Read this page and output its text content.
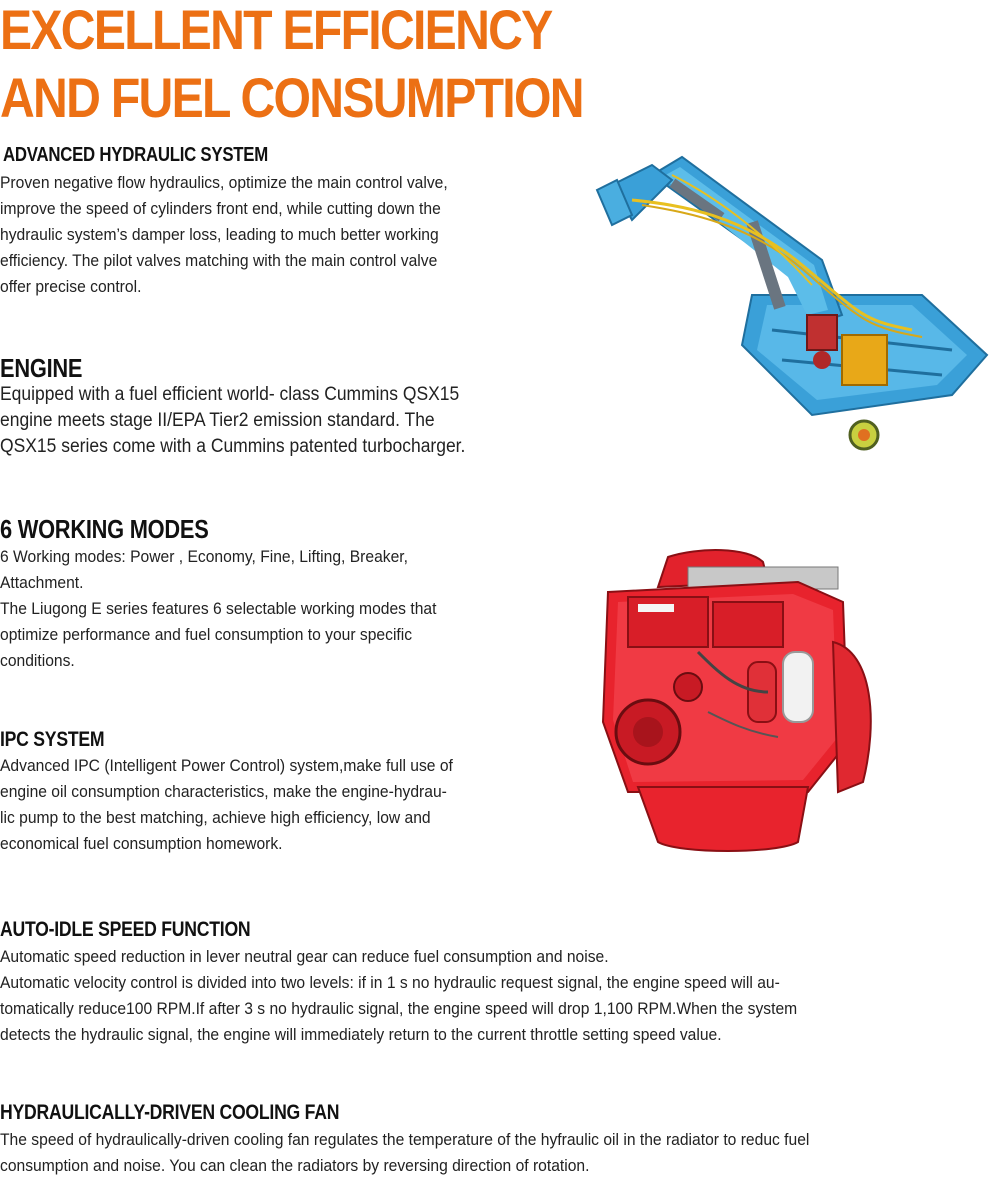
EXCELLENT EFFICIENCY
AND FUEL CONSUMPTION
ADVANCED HYDRAULIC SYSTEM
Proven negative flow hydraulics, optimize the main control valve,
improve the speed of cylinders front end, while cutting down the
hydraulic system’s damper loss, leading to much better working
efficiency. The pilot valves matching with the main control valve
offer precise control.
ENGINE
Equipped with a fuel efficient world- class Cummins QSX15
engine meets stage II/EPA Tier2 emission standard. The
QSX15 series come with a Cummins patented turbocharger.
6 WORKING MODES
6 Working modes: Power , Economy, Fine, Lifting, Breaker,
Attachment.
The Liugong E series features 6 selectable working modes that
optimize performance and fuel consumption to your specific
conditions.
IPC SYSTEM
Advanced IPC (Intelligent Power Control) system,make full use of
engine oil consumption characteristics, make the engine-hydrau-
lic pump to the best matching, achieve high efficiency, low and
economical fuel consumption homework.
AUTO-IDLE SPEED FUNCTION
Automatic speed reduction in lever neutral gear can reduce fuel consumption and noise.
Automatic velocity control is divided into two levels: if in 1 s no hydraulic request signal, the engine speed will au-
tomatically reduce100 RPM.If after 3 s no hydraulic signal, the engine speed will drop 1,100 RPM.When the system
detects the hydraulic signal, the engine will immediately return to the current throttle setting speed value.
HYDRAULICALLY-DRIVEN COOLING FAN
The speed of hydraulically-driven cooling fan regulates the temperature of the hyfraulic oil in the radiator to reduc fuel
consumption and noise. You can clean the radiators by reversing direction of rotation.
